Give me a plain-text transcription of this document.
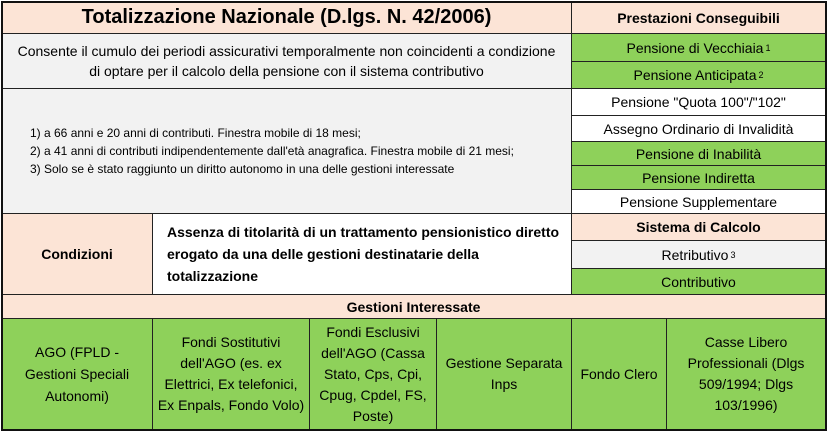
Totalizzazione Nazionale (D.lgs. N. 42/2006)
Consente il cumulo dei periodi assicurativi temporalmente non coincidenti a condizione di optare per il calcolo della pensione con il sistema contributivo
1) a 66 anni e 20 anni di contributi. Finestra mobile di 18 mesi;
2) a 41 anni di contributi indipendentemente dall'età anagrafica. Finestra mobile di 21 mesi;
3) Solo se è stato raggiunto un diritto autonomo in una delle gestioni interessate
Condizioni
Assenza di titolarità di un trattamento pensionistico diretto erogato da una delle gestioni destinatarie della totalizzazione
Prestazioni Conseguibili
Pensione di Vecchiaia 1
Pensione Anticipata 2
Pensione "Quota 100"/"102"
Assegno Ordinario di Invalidità
Pensione di Inabilità
Pensione Indiretta
Pensione Supplementare
Sistema di Calcolo
Retributivo 3
Contributivo
Gestioni Interessate
AGO (FPLD - Gestioni Speciali Autonomi)
Fondi Sostitutivi dell'AGO (es. ex Elettrici, Ex telefonici, Ex Enpals, Fondo Volo)
Fondi Esclusivi dell'AGO (Cassa Stato, Cps, Cpi, Cpug, Cpdel, FS, Poste)
Gestione Separata Inps
Fondo Clero
Casse Libero Professionali (Dlgs 509/1994; Dlgs 103/1996)
